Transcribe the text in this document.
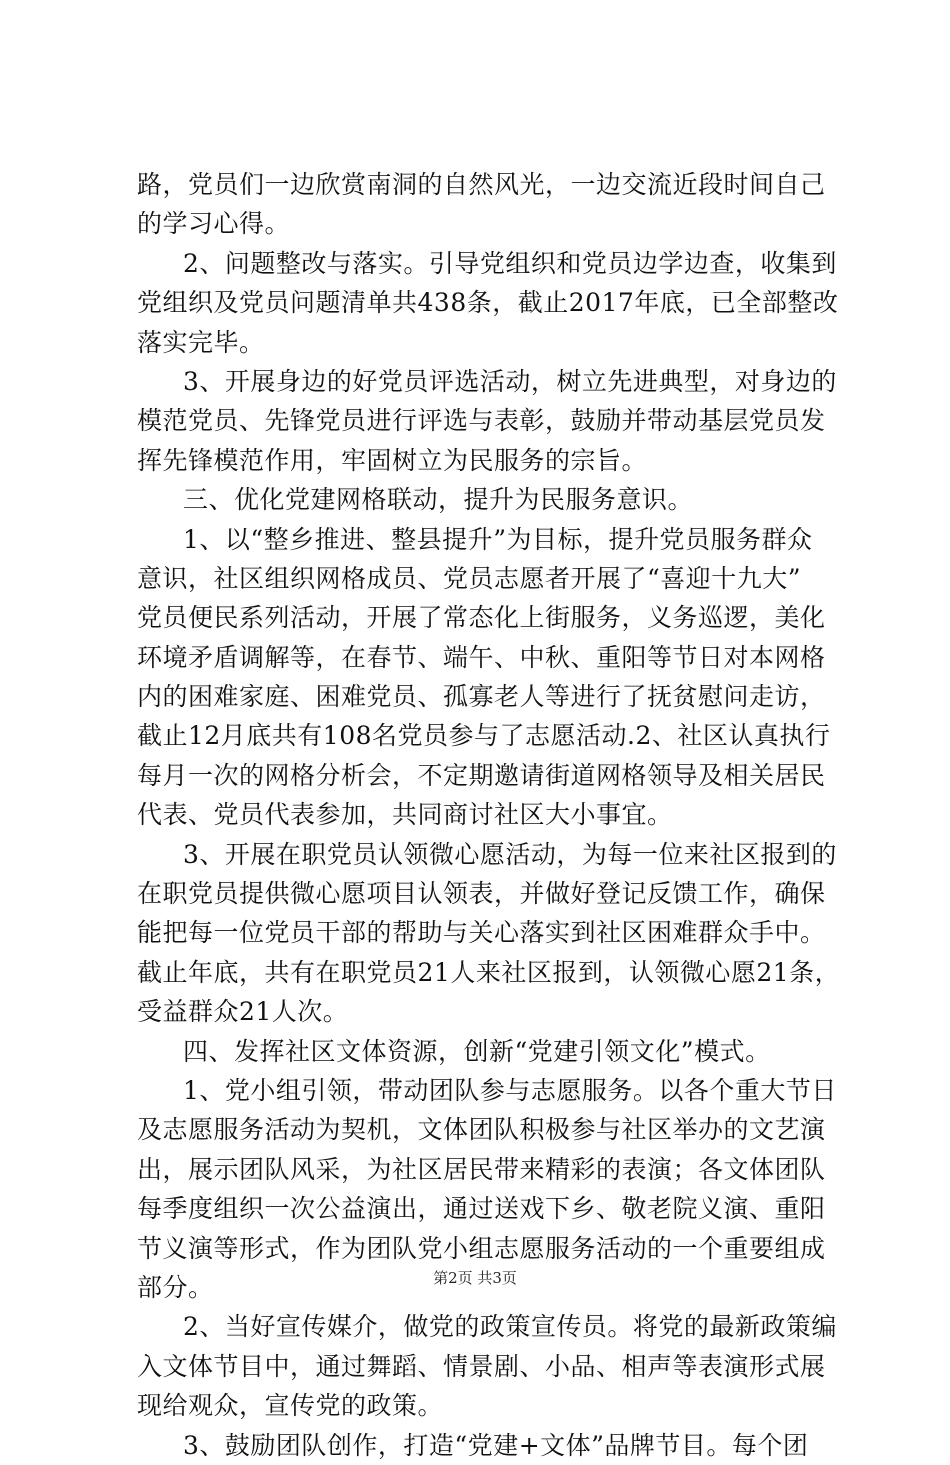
路，党员们一边欣赏南洞的自然风光，一边交流近段时间自己
的学习心得。
2、问题整改与落实。引导党组织和党员边学边查，收集到
党组织及党员问题清单共438条，截止2017年底，已全部整改
落实完毕。
3、开展身边的好党员评选活动，树立先进典型，对身边的
模范党员、先锋党员进行评选与表彰，鼓励并带动基层党员发
挥先锋模范作用，牢固树立为民服务的宗旨。
三、优化党建网格联动，提升为民服务意识。
1、以“整乡推进、整县提升”为目标，提升党员服务群众
意识，社区组织网格成员、党员志愿者开展了“喜迎十九大”
党员便民系列活动，开展了常态化上街服务，义务巡逻，美化
环境矛盾调解等，在春节、端午、中秋、重阳等节日对本网格
内的困难家庭、困难党员、孤寡老人等进行了抚贫慰问走访，
截止12月底共有108名党员参与了志愿活动.2、社区认真执行
每月一次的网格分析会，不定期邀请街道网格领导及相关居民
代表、党员代表参加，共同商讨社区大小事宜。
3、开展在职党员认领微心愿活动，为每一位来社区报到的
在职党员提供微心愿项目认领表，并做好登记反馈工作，确保
能把每一位党员干部的帮助与关心落实到社区困难群众手中。
截止年底，共有在职党员21人来社区报到，认领微心愿21条，
受益群众21人次。
四、发挥社区文体资源，创新“党建引领文化”模式。
1、党小组引领，带动团队参与志愿服务。以各个重大节日
及志愿服务活动为契机，文体团队积极参与社区举办的文艺演
出，展示团队风采，为社区居民带来精彩的表演；各文体团队
每季度组织一次公益演出，通过送戏下乡、敬老院义演、重阳
节义演等形式，作为团队党小组志愿服务活动的一个重要组成
部分。
2、当好宣传媒介，做党的政策宣传员。将党的最新政策编
入文体节目中，通过舞蹈、情景剧、小品、相声等表演形式展
现给观众，宣传党的政策。
3、鼓励团队创作，打造“党建+文体”品牌节目。每个团
第2页 共3页
